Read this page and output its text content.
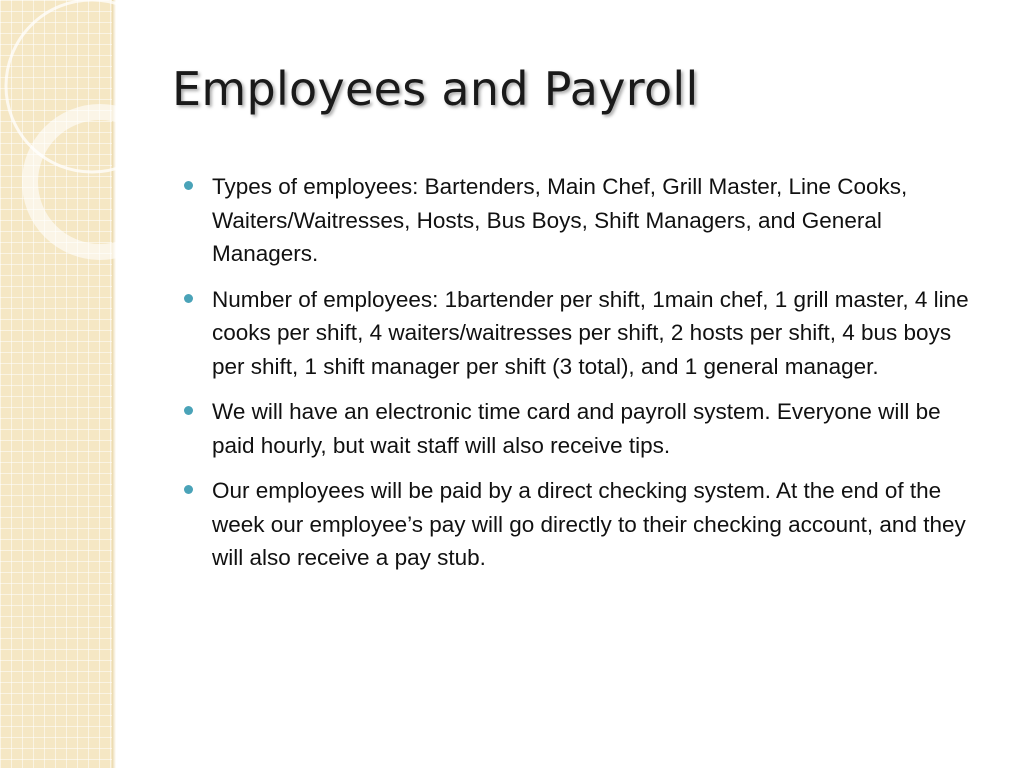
Employees and Payroll
Types of employees: Bartenders, Main Chef, Grill Master, Line Cooks, Waiters/Waitresses, Hosts, Bus Boys, Shift Managers, and General Managers.
Number of employees: 1bartender per shift, 1main chef, 1 grill master, 4 line cooks per shift, 4 waiters/waitresses per shift, 2 hosts per shift, 4 bus boys per shift, 1 shift manager per shift (3 total), and 1 general manager.
We will have an electronic time card and payroll system. Everyone will be paid hourly, but wait staff will also receive tips.
Our employees will be paid by a direct checking system. At the end of the week our employee’s pay will go directly to their checking account, and they will also receive a pay stub.
